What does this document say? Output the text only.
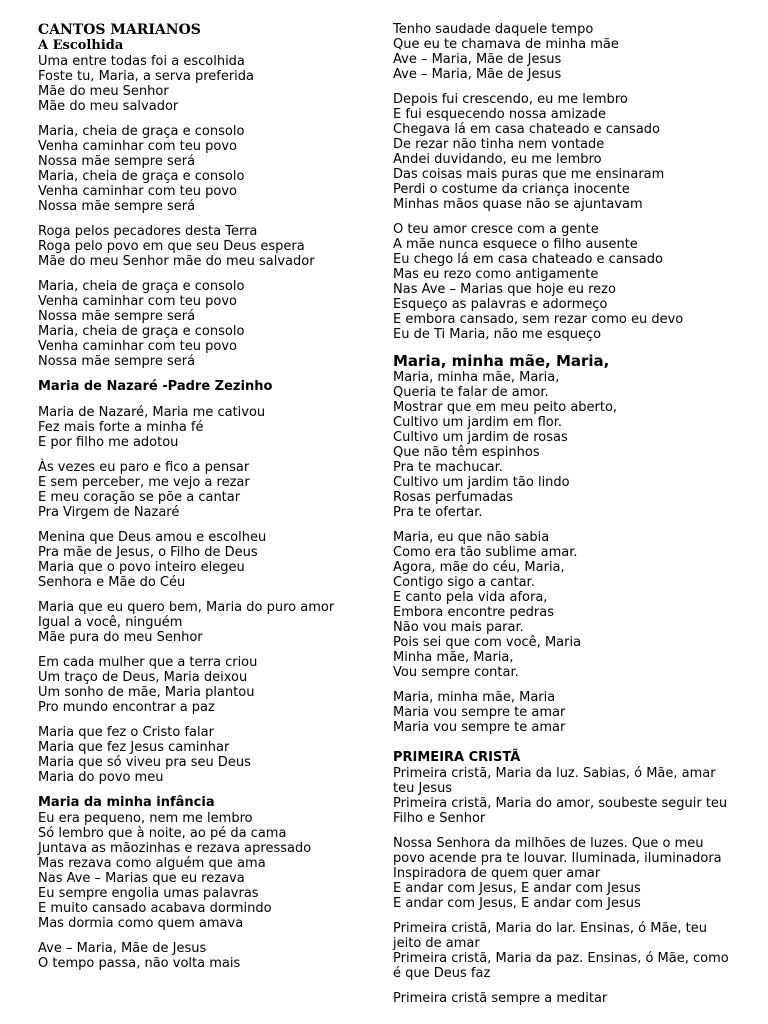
CANTOS MARIANOS
A Escolhida
Uma entre todas foi a escolhida
Foste tu, Maria, a serva preferida
Mãe do meu Senhor
Mãe do meu salvador
Maria, cheia de graça e consolo
Venha caminhar com teu povo
Nossa mãe sempre será
Maria, cheia de graça e consolo
Venha caminhar com teu povo
Nossa mãe sempre será
Roga pelos pecadores desta Terra
Roga pelo povo em que seu Deus espera
Mãe do meu Senhor mãe do meu salvador
Maria, cheia de graça e consolo
Venha caminhar com teu povo
Nossa mãe sempre será
Maria, cheia de graça e consolo
Venha caminhar com teu povo
Nossa mãe sempre será
Maria de Nazaré -Padre Zezinho
Maria de Nazaré, Maria me cativou
Fez mais forte a minha fé
E por filho me adotou
Às vezes eu paro e fico a pensar
E sem perceber, me vejo a rezar
E meu coração se põe a cantar
Pra Virgem de Nazaré
Menina que Deus amou e escolheu
Pra mãe de Jesus, o Filho de Deus
Maria que o povo inteiro elegeu
Senhora e Mãe do Céu
Maria que eu quero bem, Maria do puro amor
Igual a você, ninguém
Mãe pura do meu Senhor
Em cada mulher que a terra criou
Um traço de Deus, Maria deixou
Um sonho de mãe, Maria plantou
Pro mundo encontrar a paz
Maria que fez o Cristo falar
Maria que fez Jesus caminhar
Maria que só viveu pra seu Deus
Maria do povo meu
Maria da minha infância
Eu era pequeno, nem me lembro
Só lembro que à noite, ao pé da cama
Juntava as mãozinhas e rezava apressado
Mas rezava como alguém que ama
Nas Ave – Marias que eu rezava
Eu sempre engolia umas palavras
E muito cansado acabava dormindo
Mas dormia como quem amava
Ave – Maria, Mãe de Jesus
O tempo passa, não volta mais
Tenho saudade daquele tempo
Que eu te chamava de minha mãe
Ave – Maria, Mãe de Jesus
Ave – Maria, Mãe de Jesus
Depois fui crescendo, eu me lembro
E fui esquecendo nossa amizade
Chegava lá em casa chateado e cansado
De rezar não tinha nem vontade
Andei duvidando, eu me lembro
Das coisas mais puras que me ensinaram
Perdi o costume da criança inocente
Minhas mãos quase não se ajuntavam
O teu amor cresce com a gente
A mãe nunca esquece o filho ausente
Eu chego lá em casa chateado e cansado
Mas eu rezo como antigamente
Nas Ave – Marias que hoje eu rezo
Esqueço as palavras e adormeço
E embora cansado, sem rezar como eu devo
Eu de Ti Maria, não me esqueço
Maria, minha mãe, Maria,
Maria, minha mãe, Maria,
Queria te falar de amor.
Mostrar que em meu peito aberto,
Cultivo um jardim em flor.
Cultivo um jardim de rosas
Que não têm espinhos
Pra te machucar.
Cultivo um jardim tão lindo
Rosas perfumadas
Pra te ofertar.
Maria, eu que não sabia
Como era tão sublime amar.
Agora, mãe do céu, Maria,
Contigo sigo a cantar.
E canto pela vida afora,
Embora encontre pedras
Não vou mais parar.
Pois sei que com você, Maria
Minha mãe, Maria,
Vou sempre contar.
Maria, minha mãe, Maria
Maria vou sempre te amar
Maria vou sempre te amar
PRIMEIRA CRISTÃ
Primeira cristã, Maria da luz. Sabias, ó Mãe, amar teu Jesus
Primeira cristã, Maria do amor, soubeste seguir teu Filho e Senhor
Nossa Senhora da milhões de luzes. Que o meu povo acende pra te louvar. Iluminada, iluminadora Inspiradora de quem quer amar
E andar com Jesus, E andar com Jesus
E andar com Jesus, E andar com Jesus
Primeira cristã, Maria do lar. Ensinas, ó Mãe, teu jeito de amar
Primeira cristã, Maria da paz. Ensinas, ó Mãe, como é que Deus faz
Primeira cristã sempre a meditar
